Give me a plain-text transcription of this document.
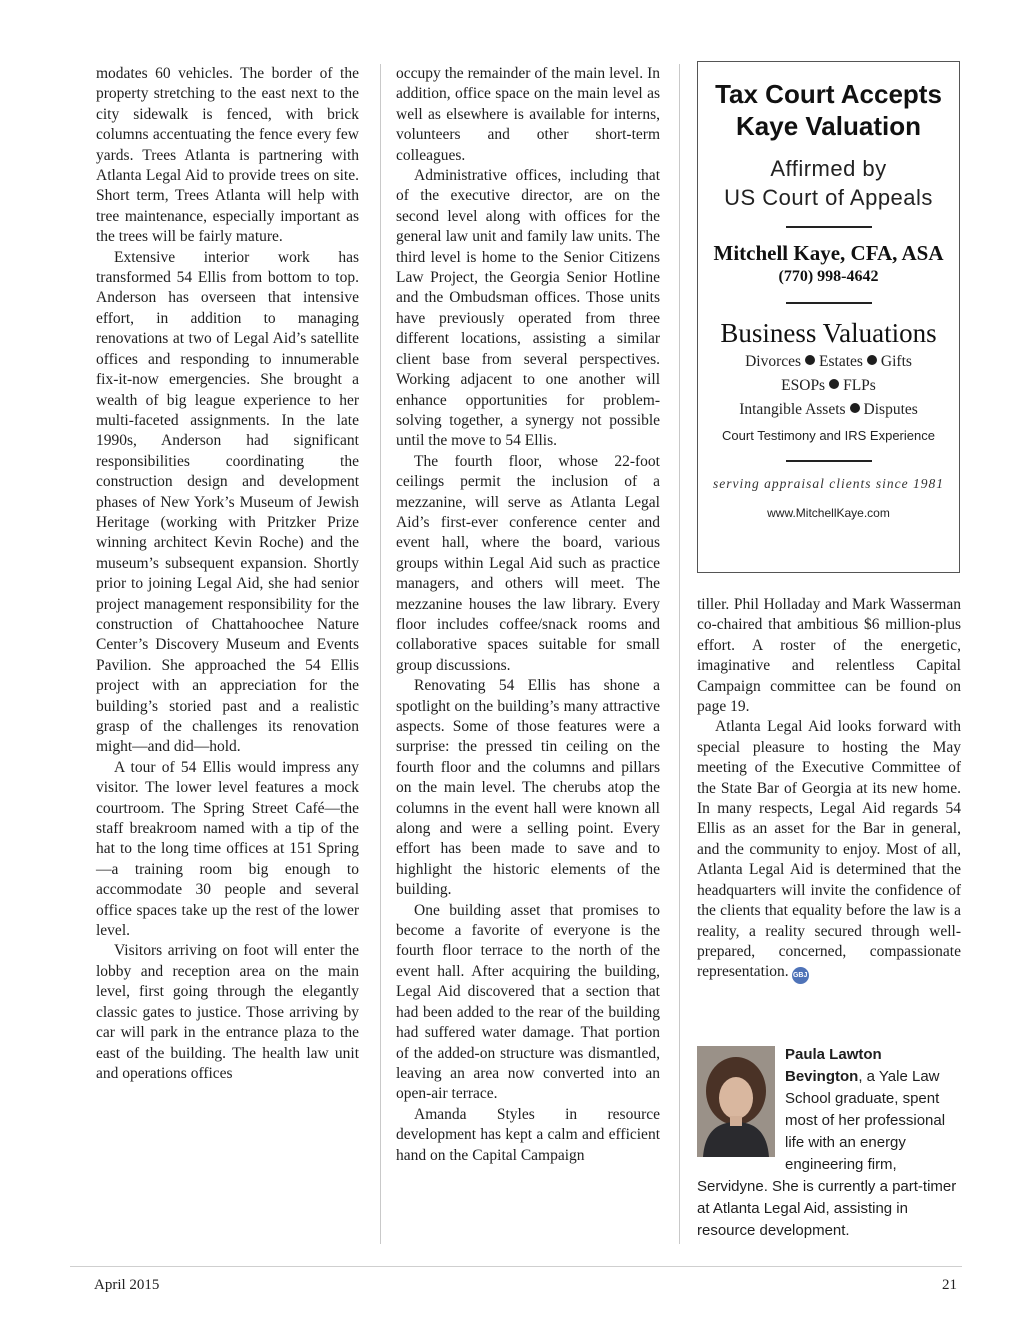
modates 60 vehicles. The border of the property stretching to the east next to the city sidewalk is fenced, with brick columns accentuating the fence every few yards. Trees Atlanta is partnering with Atlanta Legal Aid to provide trees on site. Short term, Trees Atlanta will help with tree maintenance, especially important as the trees will be fairly mature.

Extensive interior work has transformed 54 Ellis from bottom to top. Anderson has overseen that intensive effort, in addition to managing renovations at two of Legal Aid’s satellite offices and responding to innumerable fix-it-now emergencies. She brought a wealth of big league experience to her multi-faceted assignments. In the late 1990s, Anderson had significant responsibilities coordinating the construction design and development phases of New York’s Museum of Jewish Heritage (working with Pritzker Prize winning architect Kevin Roche) and the museum’s subsequent expansion. Shortly prior to joining Legal Aid, she had senior project management responsibility for the construction of Chattahoochee Nature Center’s Discovery Museum and Events Pavilion. She approached the 54 Ellis project with an appreciation for the building’s storied past and a realistic grasp of the challenges its renovation might—and did—hold.

A tour of 54 Ellis would impress any visitor. The lower level features a mock courtroom. The Spring Street Café—the staff breakroom named with a tip of the hat to the long time offices at 151 Spring—a training room big enough to accommodate 30 people and several office spaces take up the rest of the lower level.

Visitors arriving on foot will enter the lobby and reception area on the main level, first going through the elegantly classic gates to justice. Those arriving by car will park in the entrance plaza to the east of the building. The health law unit and operations offices

occupy the remainder of the main level. In addition, office space on the main level as well as elsewhere is available for interns, volunteers and other short-term colleagues.

Administrative offices, including that of the executive director, are on the second level along with offices for the general law unit and family law units. The third level is home to the Senior Citizens Law Project, the Georgia Senior Hotline and the Ombudsman offices. Those units have previously operated from three different locations, assisting a similar client base from several perspectives. Working adjacent to one another will enhance opportunities for problem-solving together, a synergy not possible until the move to 54 Ellis.

The fourth floor, whose 22-foot ceilings permit the inclusion of a mezzanine, will serve as Atlanta Legal Aid’s first-ever conference center and event hall, where the board, various groups within Legal Aid such as practice managers, and others will meet. The mezzanine houses the law library. Every floor includes coffee/snack rooms and collaborative spaces suitable for small group discussions.

Renovating 54 Ellis has shone a spotlight on the building’s many attractive aspects. Some of those features were a surprise: the pressed tin ceiling on the fourth floor and the columns and pillars on the main level. The cherubs atop the columns in the event hall were known all along and were a selling point. Every effort has been made to save and to highlight the historic elements of the building.

One building asset that promises to become a favorite of everyone is the fourth floor terrace to the north of the event hall. After acquiring the building, Legal Aid discovered that a section that had been added to the rear of the building had suffered water damage. That portion of the added-on structure was dismantled, leaving an area now converted into an open-air terrace.

Amanda Styles in resource development has kept a calm and efficient hand on the Capital Campaign

Tax Court Accepts
Kaye Valuation
Affirmed by
US Court of Appeals
Mitchell Kaye, CFA, ASA
(770) 998-4642
Business Valuations
Divorces Estates Gifts
ESOPs FLPs
Intangible Assets Disputes
Court Testimony and IRS Experience
serving appraisal clients since 1981
www.MitchellKaye.com

tiller. Phil Holladay and Mark Wasserman co-chaired that ambitious $6 million-plus effort. A roster of the energetic, imaginative and relentless Capital Campaign committee can be found on page 19.

Atlanta Legal Aid looks forward with special pleasure to hosting the May meeting of the Executive Committee of the State Bar of Georgia at its new home. In many respects, Legal Aid regards 54 Ellis as an asset for the Bar in general, and the community to enjoy. Most of all, Atlanta Legal Aid is determined that the headquarters will invite the confidence of the clients that equality before the law is a reality, a reality secured through well-prepared, concerned, compassionate representation. GBJ

Paula Lawton Bevington, a Yale Law School graduate, spent most of her professional life with an energy engineering firm, Servidyne. She is currently a part-timer at Atlanta Legal Aid, assisting in resource development.
April 2015	21
